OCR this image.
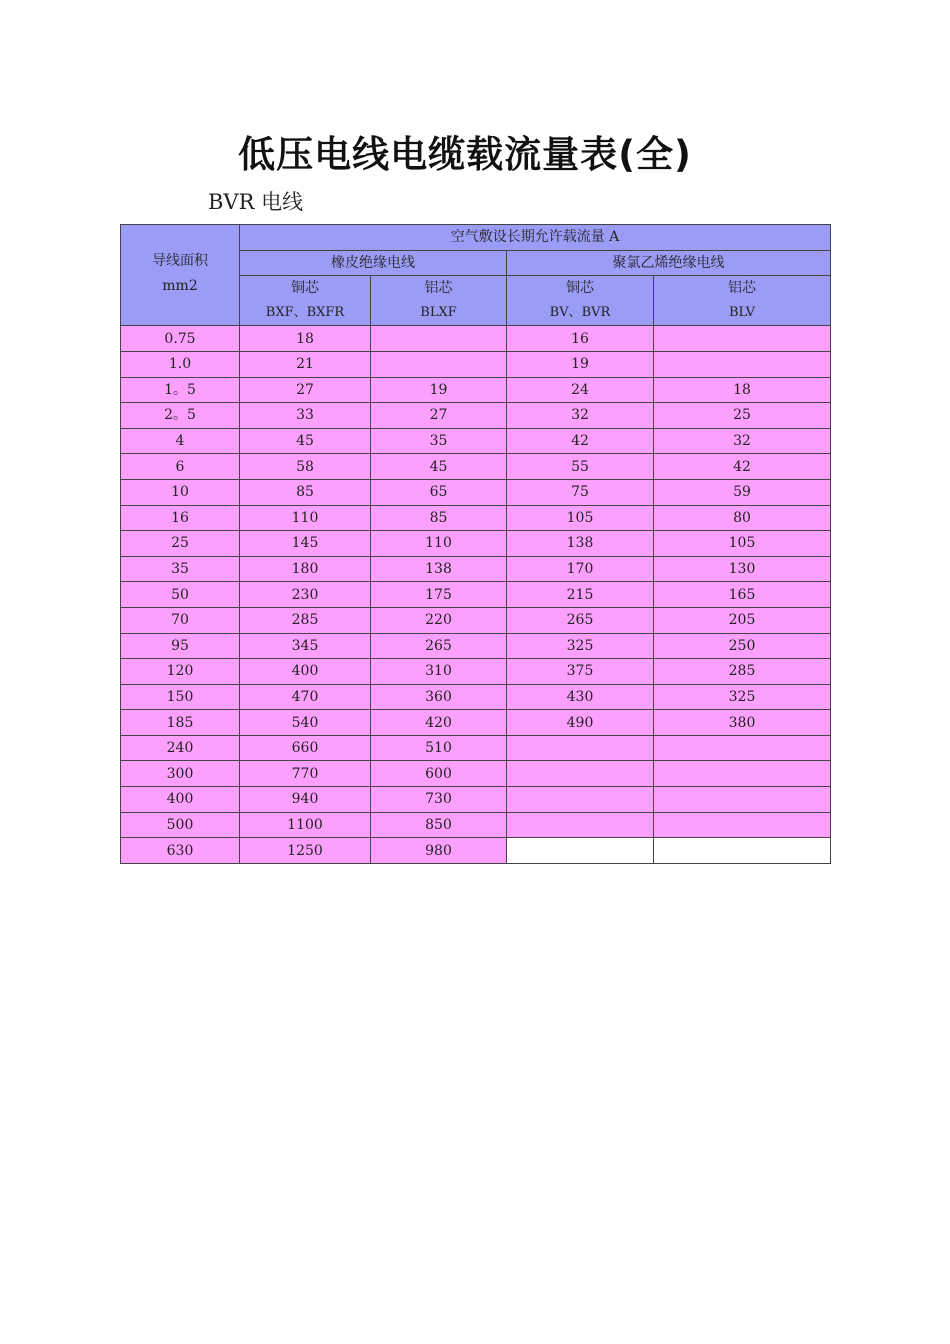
低压电线电缆载流量表(全)
BVR 电线
导线面积
mm2	空气敷设长期允许载流量 A			
	橡皮绝缘电线		聚氯乙烯绝缘电线	
	铜芯	铝芯	铜芯	铝芯
	BXF、BXFR	BLXF	BV、BVR	BLV
0.75	18		16	
1.0	21		19	
1。5	27	19	24	18
2。5	33	27	32	25
4	45	35	42	32
6	58	45	55	42
10	85	65	75	59
16	110	85	105	80
25	145	110	138	105
35	180	138	170	130
50	230	175	215	165
70	285	220	265	205
95	345	265	325	250
120	400	310	375	285
150	470	360	430	325
185	540	420	490	380
240	660	510		
300	770	600		
400	940	730		
500	1100	850		
630	1250	980		
